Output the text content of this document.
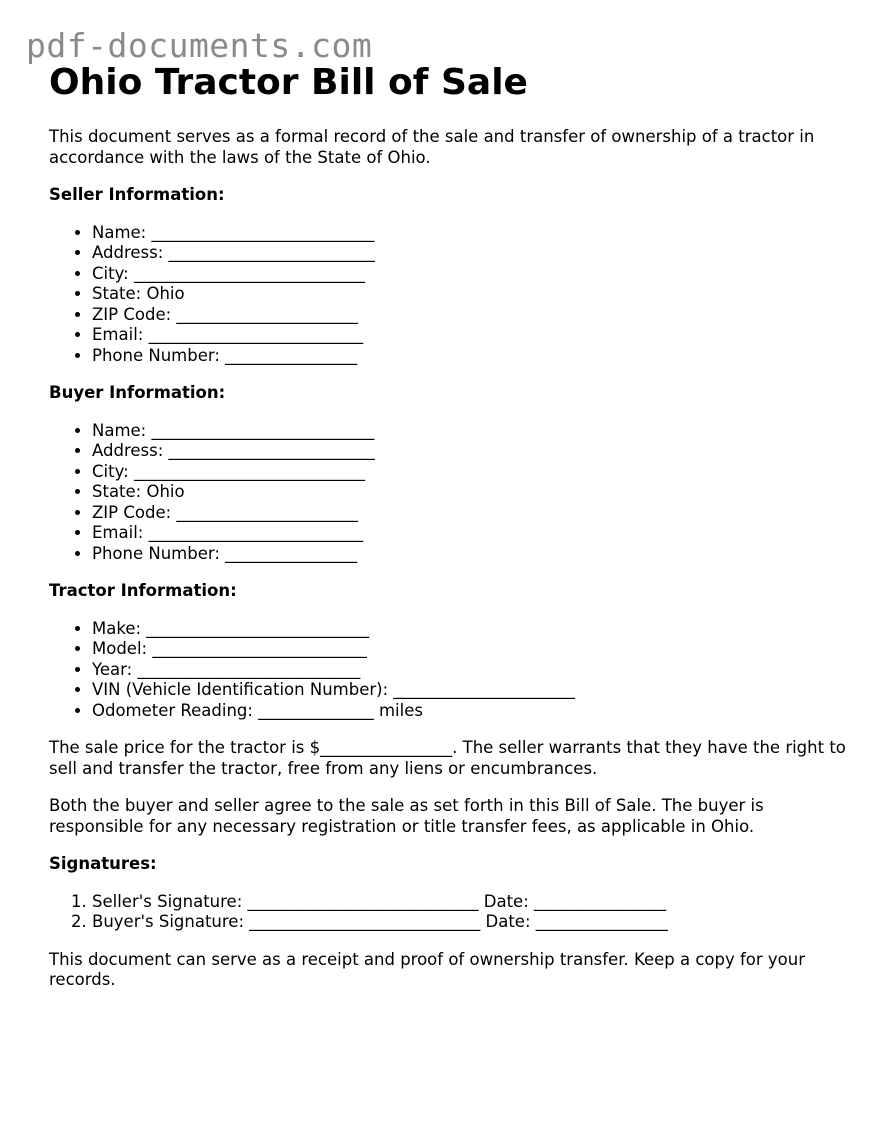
pdf-documents.com
Ohio Tractor Bill of Sale

This document serves as a formal record of the sale and transfer of ownership of a tractor in accordance with the laws of the State of Ohio.

Seller Information:
• Name: ___________________________
• Address: _________________________
• City: ____________________________
• State: Ohio
• ZIP Code: ______________________
• Email: __________________________
• Phone Number: ________________
Buyer Information:
• Name: ___________________________
• Address: _________________________
• City: ____________________________
• State: Ohio
• ZIP Code: ______________________
• Email: __________________________
• Phone Number: ________________
Tractor Information:
• Make: ___________________________
• Model: __________________________
• Year: ___________________________
• VIN (Vehicle Identification Number): ______________________
• Odometer Reading: ______________ miles

The sale price for the tractor is $________________. The seller warrants that they have the right to sell and transfer the tractor, free from any liens or encumbrances.

Both the buyer and seller agree to the sale as set forth in this Bill of Sale. The buyer is responsible for any necessary registration or title transfer fees, as applicable in Ohio.

Signatures:
1. Seller's Signature: ____________________________ Date: ________________
2. Buyer's Signature: ____________________________ Date: ________________

This document can serve as a receipt and proof of ownership transfer. Keep a copy for your records.
